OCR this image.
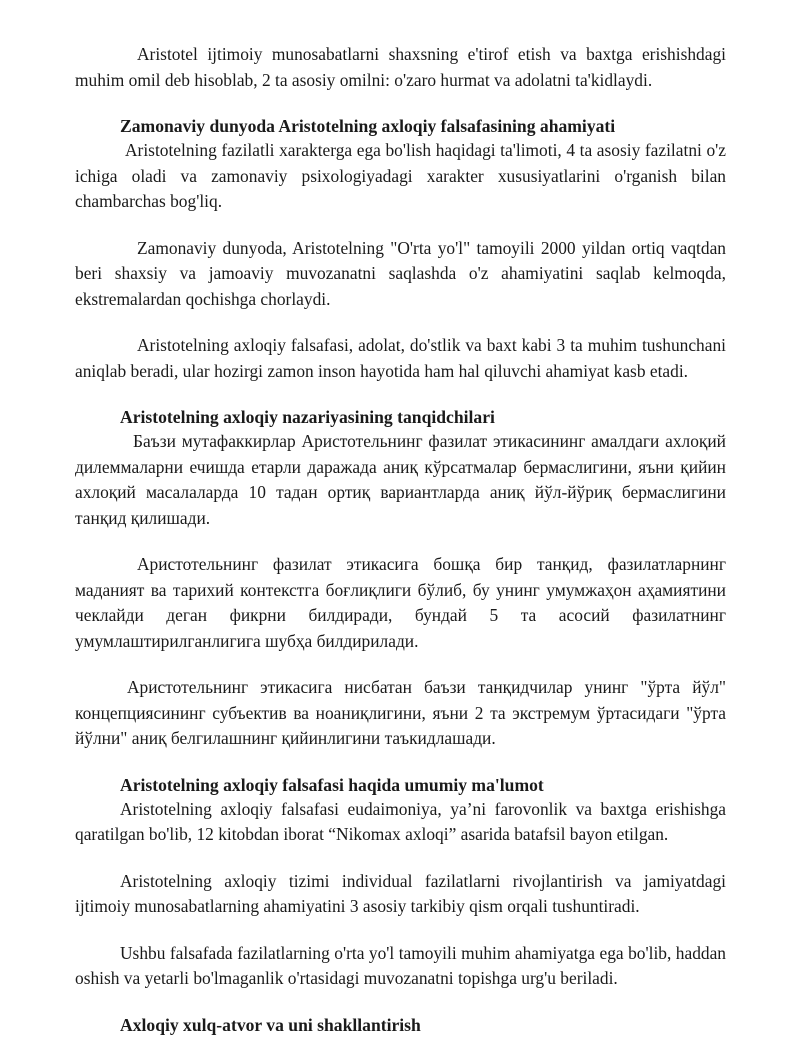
Aristotel ijtimoiy munosabatlarni shaxsning e'tirof etish va baxtga erishishdagi muhim omil deb hisoblab, 2 ta asosiy omilni: o'zaro hurmat va adolatni ta'kidlaydi.

Zamonaviy dunyoda Aristotelning axloqiy falsafasining ahamiyati

Aristotelning fazilatli xarakterga ega bo'lish haqidagi ta'limoti, 4 ta asosiy fazilatni o'z ichiga oladi va zamonaviy psixologiyadagi xarakter xususiyatlarini o'rganish bilan chambarchas bog'liq.

Zamonaviy dunyoda, Aristotelning "O'rta yo'l" tamoyili 2000 yildan ortiq vaqtdan beri shaxsiy va jamoaviy muvozanatni saqlashda o'z ahamiyatini saqlab kelmoqda, ekstremalardan qochishga chorlaydi.

Aristotelning axloqiy falsafasi, adolat, do'stlik va baxt kabi 3 ta muhim tushunchani aniqlab beradi, ular hozirgi zamon inson hayotida ham hal qiluvchi ahamiyat kasb etadi.

Aristotelning axloqiy nazariyasining tanqidchilari

Баъзи мутафаккирлар Аристотельнинг фазилат этикасининг амалдаги ахлоқий дилеммаларни ечишда етарли даражада аниқ кўрсатмалар бермаслигини, яъни қийин ахлоқий масалаларда 10 тадан ортиқ вариантларда аниқ йўл-йўриқ бермаслигини танқид қилишади.

Аристотельнинг фазилат этикасига бошқа бир танқид, фазилатларнинг маданият ва тарихий контекстга боғлиқлиги бўлиб, бу унинг умумжаҳон аҳамиятини чеклайди деган фикрни билдиради, бундай 5 та асосий фазилатнинг умумлаштирилганлигига шубҳа билдирилади.

Аристотельнинг этикасига нисбатан баъзи танқидчилар унинг "ўрта йўл" концепциясининг субъектив ва ноаниқлигини, яъни 2 та экстремум ўртасидаги "ўрта йўлни" аниқ белгилашнинг қийинлигини таъкидлашади.

Aristotelning axloqiy falsafasi haqida umumiy ma'lumot

Aristotelning axloqiy falsafasi eudaimoniya, ya’ni farovonlik va baxtga erishishga qaratilgan bo'lib, 12 kitobdan iborat “Nikomax axloqi” asarida batafsil bayon etilgan.

Aristotelning axloqiy tizimi individual fazilatlarni rivojlantirish va jamiyatdagi ijtimoiy munosabatlarning ahamiyatini 3 asosiy tarkibiy qism orqali tushuntiradi.

Ushbu falsafada fazilatlarning o'rta yo'l tamoyili muhim ahamiyatga ega bo'lib, haddan oshish va yetarli bo'lmaganlik o'rtasidagi muvozanatni topishga urg'u beriladi.

Axloqiy xulq-atvor va uni shakllantirish
